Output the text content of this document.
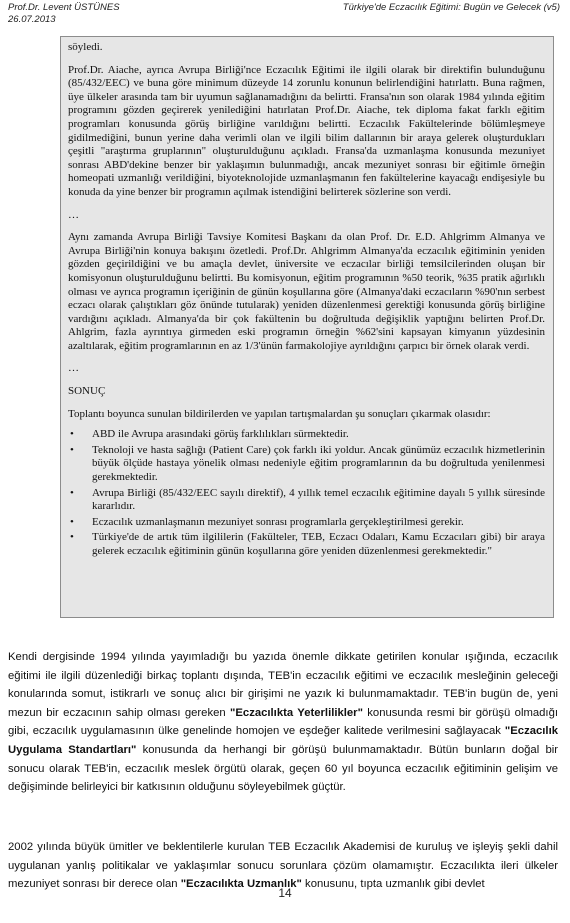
Prof.Dr. Levent ÜSTÜNES
26.07.2013
Türkiye'de Eczacılık Eğitimi: Bugün ve Gelecek (v5)

söyledi.

Prof.Dr. Aiache, ayrıca Avrupa Birliği'nce Eczacılık Eğitimi ile ilgili olarak bir direktifin bulunduğunu (85/432/EEC) ve buna göre minimum düzeyde 14 zorunlu konunun belirlendiğini hatırlattı. Buna rağmen, üye ülkeler arasında tam bir uyumun sağlanamadığını da belirtti. Fransa'nın son olarak 1984 yılında eğitim programını gözden geçirerek yenilediğini hatırlatan Prof.Dr. Aiache, tek diploma fakat farklı eğitim programları konusunda görüş birliğine varıldığını belirtti. Eczacılık Fakültelerinde bölümleşmeye gidilmediğini, bunun yerine daha verimli olan ve ilgili bilim dallarının bir araya gelerek oluşturdukları çeşitli "araştırma gruplarının" oluşturulduğunu açıkladı. Fransa'da uzmanlaşma konusunda mezuniyet sonrası ABD'dekine benzer bir yaklaşımın bulunmadığı, ancak mezuniyet sonrası bir eğitimle örneğin homeopati uzmanlığı verildiğini, biyoteknolojide uzmanlaşmanın fen fakültelerine kayacağı endişesiyle bu konuda da yine benzer bir programın açılmak istendiğini belirterek sözlerine son verdi.

…

Aynı zamanda Avrupa Birliği Tavsiye Komitesi Başkanı da olan Prof. Dr. E.D. Ahlgrimm Almanya ve Avrupa Birliği'nin konuya bakışını özetledi. Prof.Dr. Ahlgrimm Almanya'da eczacılık eğitiminin yeniden gözden geçirildiğini ve bu amaçla devlet, üniversite ve eczacılar birliği temsilcilerinden oluşan bir komisyonun oluşturulduğunu belirtti. Bu komisyonun, eğitim programının %50 teorik, %35 pratik ağırlıklı olması ve ayrıca programın içeriğinin de günün koşullarına göre (Almanya'daki eczacıların %90'nın serbest eczacı olarak çalıştıkları göz önünde tutularak) yeniden düzenlenmesi gerektiği konusunda görüş birliğine vardığını açıkladı. Almanya'da bir çok fakültenin bu doğrultuda değişiklik yaptığını belirten Prof.Dr. Ahlgrim, fazla ayrıntıya girmeden eski programın örneğin %62'sini kapsayan kimyanın yüzdesinin azaltılarak, eğitim programlarının en az 1/3'ünün farmakolojiye ayrıldığını çarpıcı bir örnek olarak verdi.

…

SONUÇ

Toplantı boyunca sunulan bildirilerden ve yapılan tartışmalardan şu sonuçları çıkarmak olasıdır:

• ABD ile Avrupa arasındaki görüş farklılıkları sürmektedir.
• Teknoloji ve hasta sağlığı (Patient Care) çok farklı iki yoldur. Ancak günümüz eczacılık hizmetlerinin büyük ölçüde hastaya yönelik olması nedeniyle eğitim programlarının da bu doğrultuda yenilenmesi gerekmektedir.
• Avrupa Birliği (85/432/EEC sayılı direktif), 4 yıllık temel eczacılık eğitimine dayalı 5 yıllık süresinde kararlıdır.
• Eczacılık uzmanlaşmanın mezuniyet sonrası programlarla gerçekleştirilmesi gerekir.
• Türkiye'de de artık tüm ilgililerin (Fakülteler, TEB, Eczacı Odaları, Kamu Eczacıları gibi) bir araya gelerek eczacılık eğitiminin günün koşullarına göre yeniden düzenlenmesi gerekmektedir."

Kendi dergisinde 1994 yılında yayımladığı bu yazıda önemle dikkate getirilen konular ışığında, eczacılık eğitimi ile ilgili düzenlediği birkaç toplantı dışında, TEB'in eczacılık eğitimi ve eczacılık mesleğinin geleceği konularında somut, istikrarlı ve sonuç alıcı bir girişimi ne yazık ki bulunmamaktadır. TEB'in bugün de, yeni mezun bir eczacının sahip olması gereken "Eczacılıkta Yeterlilikler" konusunda resmi bir görüşü olmadığı gibi, eczacılık uygulamasının ülke genelinde homojen ve eşdeğer kalitede verilmesini sağlayacak "Eczacılık Uygulama Standartları" konusunda da herhangi bir görüşü bulunmamaktadır. Bütün bunların doğal bir sonucu olarak TEB'in, eczacılık meslek örgütü olarak, geçen 60 yıl boyunca eczacılık eğitiminin gelişim ve değişiminde belirleyici bir katkısının olduğunu söyleyebilmek güçtür.

2002 yılında büyük ümitler ve beklentilerle kurulan TEB Eczacılık Akademisi de kuruluş ve işleyiş şekli dahil uygulanan yanlış politikalar ve yaklaşımlar sonucu sorunlara çözüm olamamıştır. Eczacılıkta ileri ülkeler mezuniyet sonrası bir derece olan "Eczacılıkta Uzmanlık" konusunu, tıpta uzmanlık gibi devlet

14
